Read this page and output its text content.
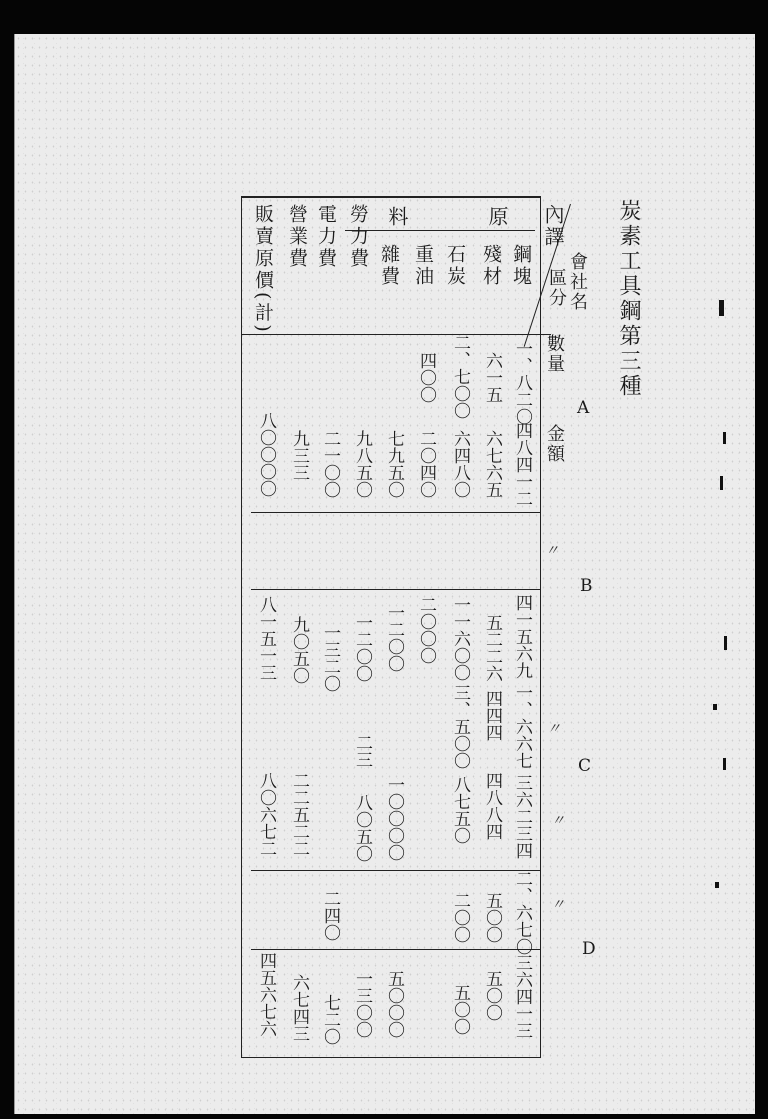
炭素工具鋼第三種
內譯
會社名
區分
數量
金額
原
料
鋼塊
殘材
石炭
重油
雜費
勞力費
電力費
營業費
販賣原價(計)
A
B
C
D
〃
〃
〃
〃
一、八二〇
四八四一二
六一五
六七六五
二、七〇〇
六四八〇
四〇〇
二〇四〇
七九五〇
九八五〇
二一〇〇
九三三
八〇〇〇〇
四一五六九
一、六六七
五二二六
四四四
一一六〇〇
三、五〇〇
二〇〇〇
一二〇〇
一二〇〇
一三二〇
九〇五〇
八一五一三
三六二三四
四八八四
八七五〇
一〇〇〇〇
八〇五〇
二三
二二五二二
八〇六七二
二、六七〇
三六四一三
五〇〇
五〇〇
二〇〇
五〇〇
五〇〇〇
一三〇〇
二四〇
七二〇
六七四三
四五六七六
